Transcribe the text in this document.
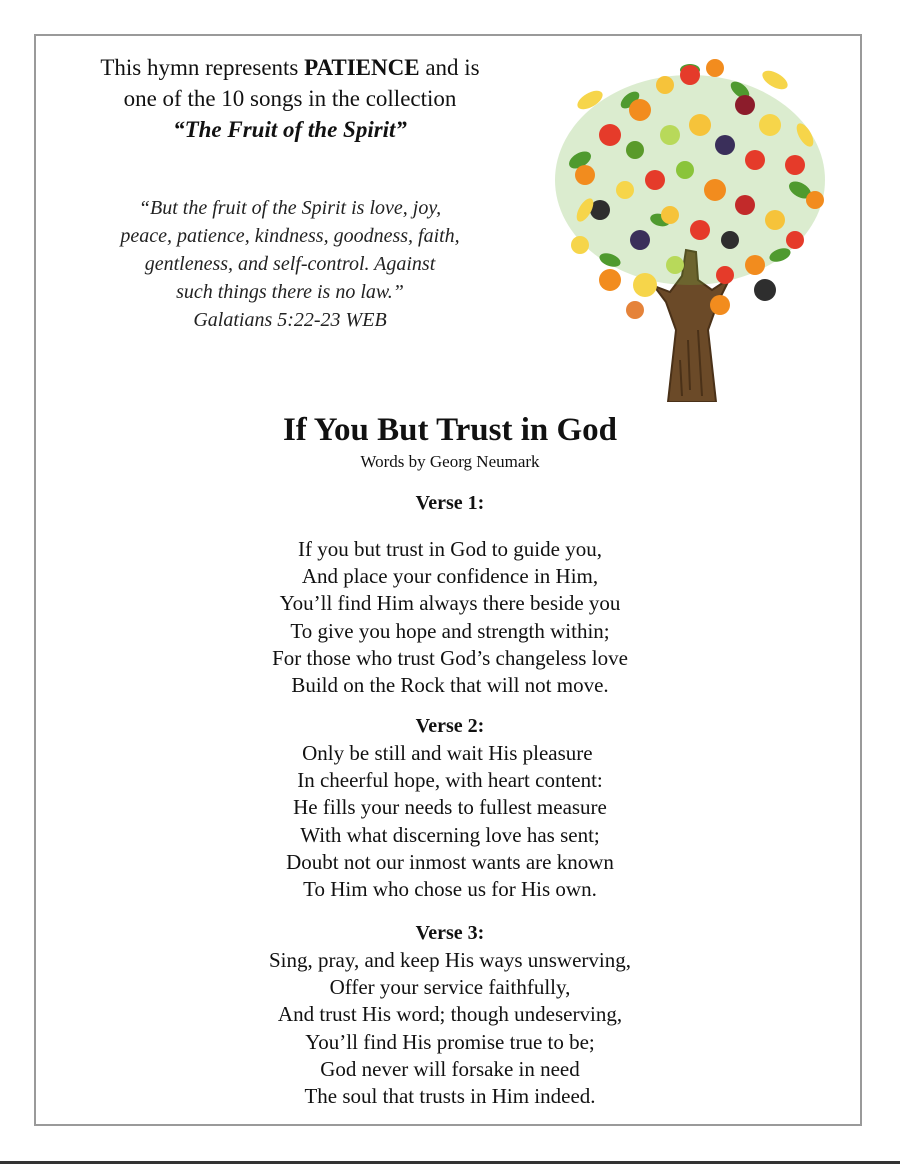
This hymn represents PATIENCE and is
one of the 10 songs in the collection
“The Fruit of the Spirit”
“But the fruit of the Spirit is love, joy,
peace, patience, kindness, goodness, faith,
gentleness, and self-control. Against
such things there is no law.”
Galatians 5:22-23 WEB
If You But Trust in God
Words by Georg Neumark
Verse 1:
If you but trust in God to guide you,
And place your confidence in Him,
You’ll find Him always there beside you
To give you hope and strength within;
For those who trust God’s changeless love
Build on the Rock that will not move.
Verse 2:
Only be still and wait His pleasure
In cheerful hope, with heart content:
He fills your needs to fullest measure
With what discerning love has sent;
Doubt not our inmost wants are known
To Him who chose us for His own.
Verse 3:
Sing, pray, and keep His ways unswerving,
Offer your service faithfully,
And trust His word; though undeserving,
You’ll find His promise true to be;
God never will forsake in need
The soul that trusts in Him indeed.
